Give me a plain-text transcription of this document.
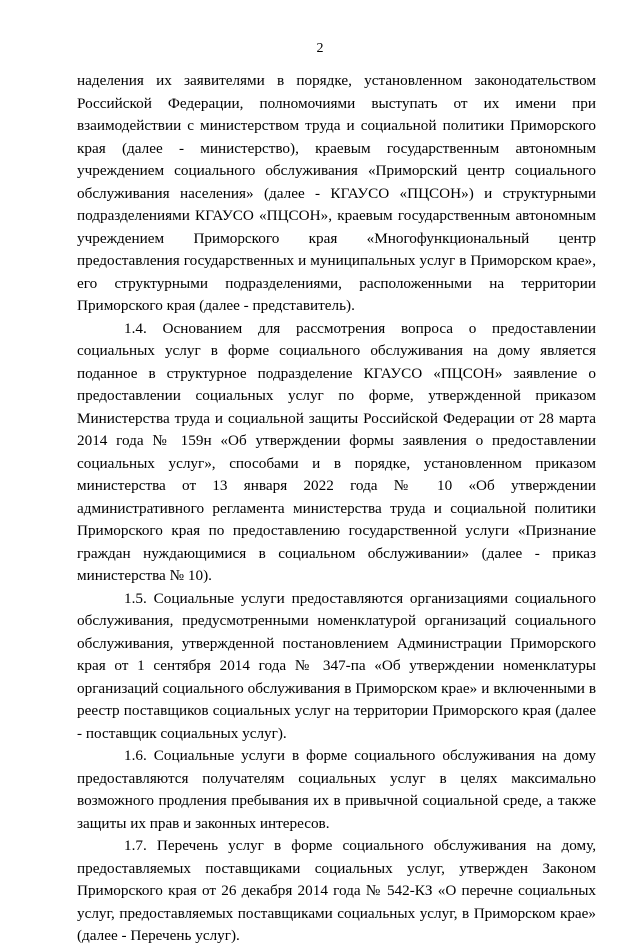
2

наделения их заявителями в порядке, установленном законодательством Российской Федерации, полномочиями выступать от их имени при взаимодействии с министерством труда и социальной политики Приморского края (далее - министерство), краевым государственным автономным учреждением социального обслуживания «Приморский центр социального обслуживания населения» (далее - КГАУСО «ПЦСОН») и структурными подразделениями КГАУСО «ПЦСОН», краевым государственным автономным учреждением Приморского края «Многофункциональный центр предоставления государственных и муниципальных услуг в Приморском крае», его структурными подразделениями, расположенными на территории Приморского края (далее - представитель).

1.4. Основанием для рассмотрения вопроса о предоставлении социальных услуг в форме социального обслуживания на дому является поданное в структурное подразделение КГАУСО «ПЦСОН» заявление о предоставлении социальных услуг по форме, утвержденной приказом Министерства труда и социальной защиты Российской Федерации от 28 марта 2014 года № 159н «Об утверждении формы заявления о предоставлении социальных услуг», способами и в порядке, установленном приказом министерства от 13 января 2022 года № 10 «Об утверждении административного регламента министерства труда и социальной политики Приморского края по предоставлению государственной услуги «Признание граждан нуждающимися в социальном обслуживании» (далее - приказ министерства № 10).

1.5. Социальные услуги предоставляются организациями социального обслуживания, предусмотренными номенклатурой организаций социального обслуживания, утвержденной постановлением Администрации Приморского края от 1 сентября 2014 года № 347-па «Об утверждении номенклатуры организаций социального обслуживания в Приморском крае» и включенными в реестр поставщиков социальных услуг на территории Приморского края (далее - поставщик социальных услуг).

1.6. Социальные услуги в форме социального обслуживания на дому предоставляются получателям социальных услуг в целях максимально возможного продления пребывания их в привычной социальной среде, а также защиты их прав и законных интересов.

1.7. Перечень услуг в форме социального обслуживания на дому, предоставляемых поставщиками социальных услуг, утвержден Законом Приморского края от 26 декабря 2014 года № 542-КЗ «О перечне социальных услуг, предоставляемых поставщиками социальных услуг, в Приморском крае» (далее - Перечень услуг).
